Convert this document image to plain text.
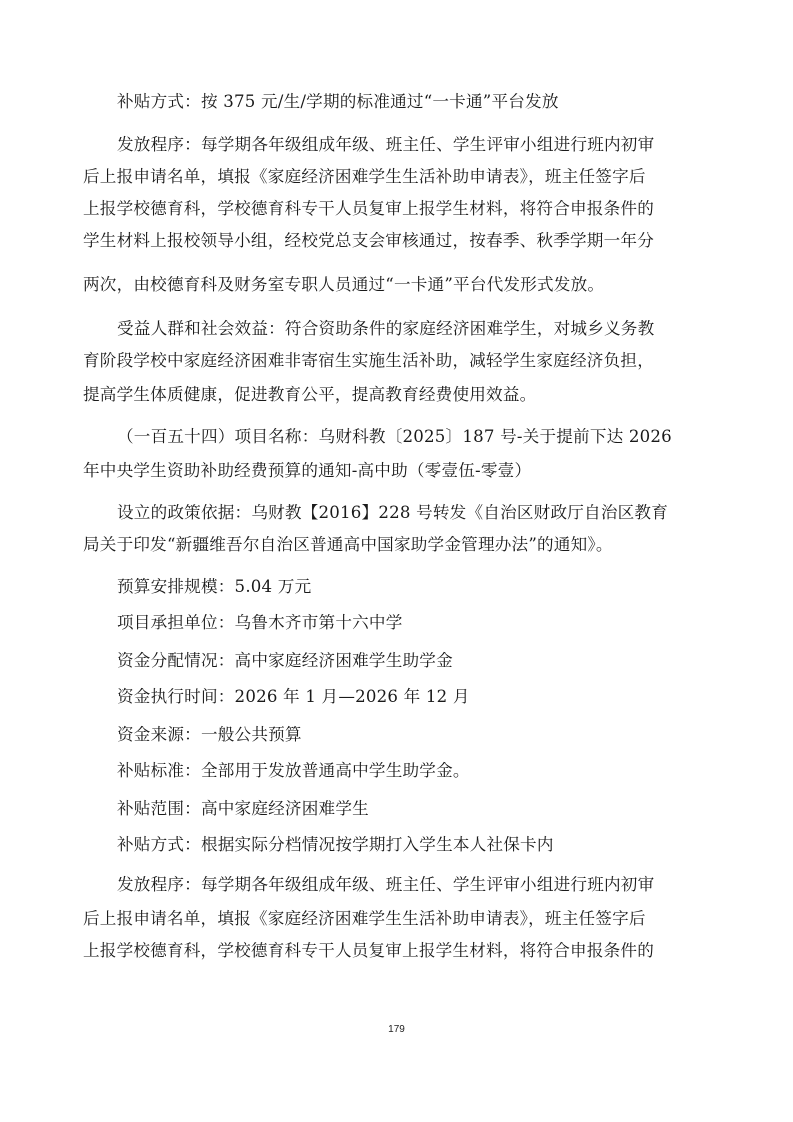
补贴方式：按 375 元/生/学期的标准通过“一卡通”平台发放
发放程序：每学期各年级组成年级、班主任、学生评审小组进行班内初审
后上报申请名单，填报《家庭经济困难学生生活补助申请表》，班主任签字后
上报学校德育科，学校德育科专干人员复审上报学生材料，将符合申报条件的
学生材料上报校领导小组，经校党总支会审核通过，按春季、秋季学期一年分
两次，由校德育科及财务室专职人员通过“一卡通”平台代发形式发放。
受益人群和社会效益：符合资助条件的家庭经济困难学生，对城乡义务教
育阶段学校中家庭经济困难非寄宿生实施生活补助，减轻学生家庭经济负担，
提高学生体质健康，促进教育公平，提高教育经费使用效益。
（一百五十四）项目名称：乌财科教〔2025〕187 号-关于提前下达 2026
年中央学生资助补助经费预算的通知-高中助（零壹伍-零壹）
设立的政策依据：乌财教【2016】228 号转发《自治区财政厅自治区教育
局关于印发“新疆维吾尔自治区普通高中国家助学金管理办法”的通知》。
预算安排规模：5.04 万元
项目承担单位：乌鲁木齐市第十六中学
资金分配情况：高中家庭经济困难学生助学金
资金执行时间：2026 年 1 月—2026 年 12 月
资金来源：一般公共预算
补贴标准：全部用于发放普通高中学生助学金。
补贴范围：高中家庭经济困难学生
补贴方式：根据实际分档情况按学期打入学生本人社保卡内
发放程序：每学期各年级组成年级、班主任、学生评审小组进行班内初审
后上报申请名单，填报《家庭经济困难学生生活补助申请表》，班主任签字后
上报学校德育科，学校德育科专干人员复审上报学生材料，将符合申报条件的
179
